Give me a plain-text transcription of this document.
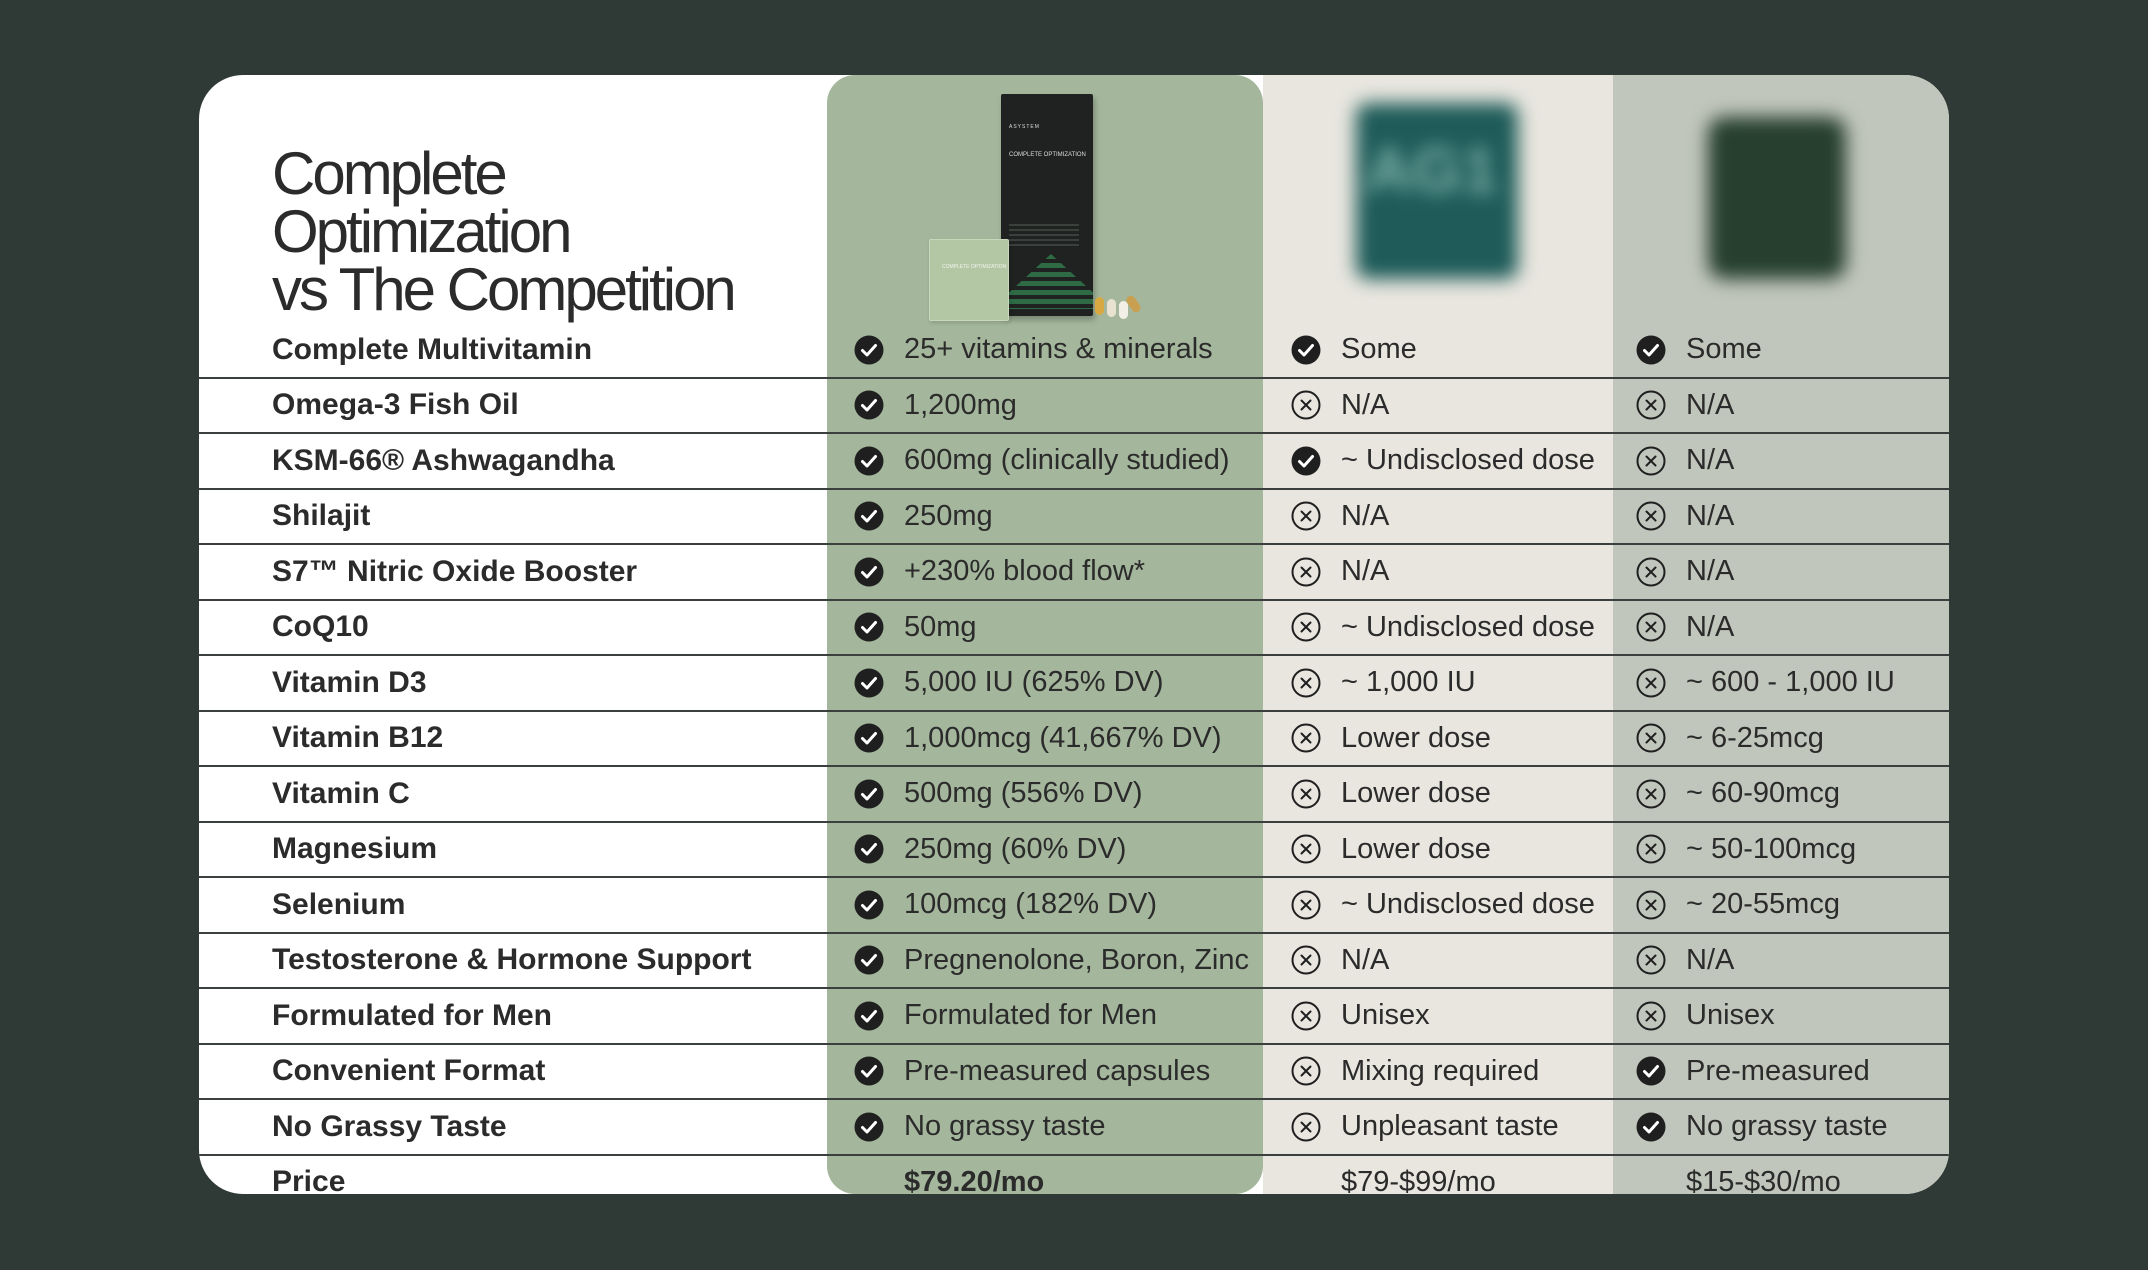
Complete Optimization
vs The Competition
ASYSTEM
COMPLETE OPTIMIZATION
COMPLETE OPTIMIZATION
AG1
Complete Multivitamin	25+ vitamins & minerals	Some	Some
Omega-3 Fish Oil	1,200mg	N/A	N/A
KSM-66® Ashwagandha	600mg (clinically studied)	~ Undisclosed dose	N/A
Shilajit	250mg	N/A	N/A
S7™ Nitric Oxide Booster	+230% blood flow*	N/A	N/A
CoQ10	50mg	~ Undisclosed dose	N/A
Vitamin D3	5,000 IU (625% DV)	~ 1,000 IU	~ 600 - 1,000 IU
Vitamin B12	1,000mcg (41,667% DV)	Lower dose	~ 6-25mcg
Vitamin C	500mg (556% DV)	Lower dose	~ 60-90mcg
Magnesium	250mg (60% DV)	Lower dose	~ 50-100mcg
Selenium	100mcg (182% DV)	~ Undisclosed dose	~ 20-55mcg
Testosterone & Hormone Support	Pregnenolone, Boron, Zinc	N/A	N/A
Formulated for Men	Formulated for Men	Unisex	Unisex
Convenient Format	Pre-measured capsules	Mixing required	Pre-measured
No Grassy Taste	No grassy taste	Unpleasant taste	No grassy taste
Price	$79.20/mo	$79-$99/mo	$15-$30/mo
